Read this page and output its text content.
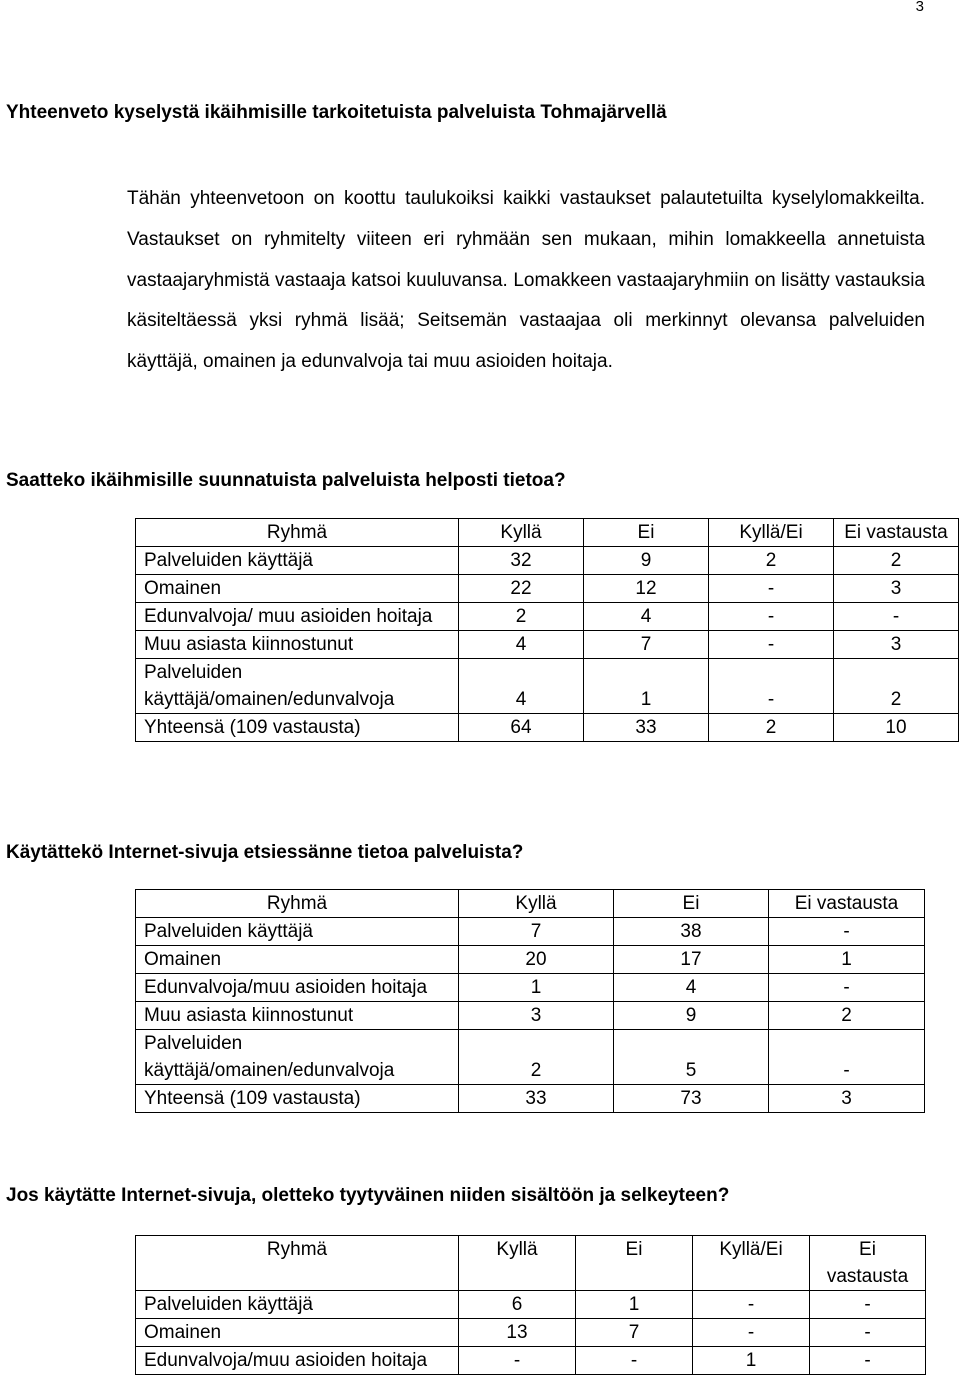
3
Yhteenveto kyselystä ikäihmisille tarkoitetuista palveluista Tohmajärvellä

Tähän yhteenvetoon on koottu taulukoiksi kaikki vastaukset palautetuilta kyselylomakkeilta. Vastaukset on ryhmitelty viiteen eri ryhmään sen mukaan, mihin lomakkeella annetuista vastaajaryhmistä vastaaja katsoi kuuluvansa. Lomakkeen vastaajaryhmiin on lisätty vastauksia käsiteltäessä yksi ryhmä lisää; Seitsemän vastaajaa oli merkinnyt olevansa palveluiden käyttäjä, omainen ja edunvalvoja tai muu asioiden hoitaja.

Saatteko ikäihmisille suunnatuista palveluista helposti tietoa?
Ryhmä	Kyllä	Ei	Kyllä/Ei	Ei vastausta
Palveluiden käyttäjä	32	9	2	2
Omainen	22	12	-	3
Edunvalvoja/ muu asioiden hoitaja	2	4	-	-
Muu asiasta kiinnostunut	4	7	-	3
Palveluiden käyttäjä/omainen/edunvalvoja	4	1	-	2
Yhteensä (109 vastausta)	64	33	2	10
Käytättekö Internet-sivuja etsiessänne tietoa palveluista?
Ryhmä	Kyllä	Ei	Ei vastausta
Palveluiden käyttäjä	7	38	-
Omainen	20	17	1
Edunvalvoja/muu asioiden hoitaja	1	4	-
Muu asiasta kiinnostunut	3	9	2
Palveluiden käyttäjä/omainen/edunvalvoja	2	5	-
Yhteensä (109 vastausta)	33	73	3
Jos käytätte Internet-sivuja, oletteko tyytyväinen niiden sisältöön ja selkeyteen?
Ryhmä	Kyllä	Ei	Kyllä/Ei	Ei vastausta
Palveluiden käyttäjä	6	1	-	-
Omainen	13	7	-	-
Edunvalvoja/muu asioiden hoitaja	-	-	1	-
